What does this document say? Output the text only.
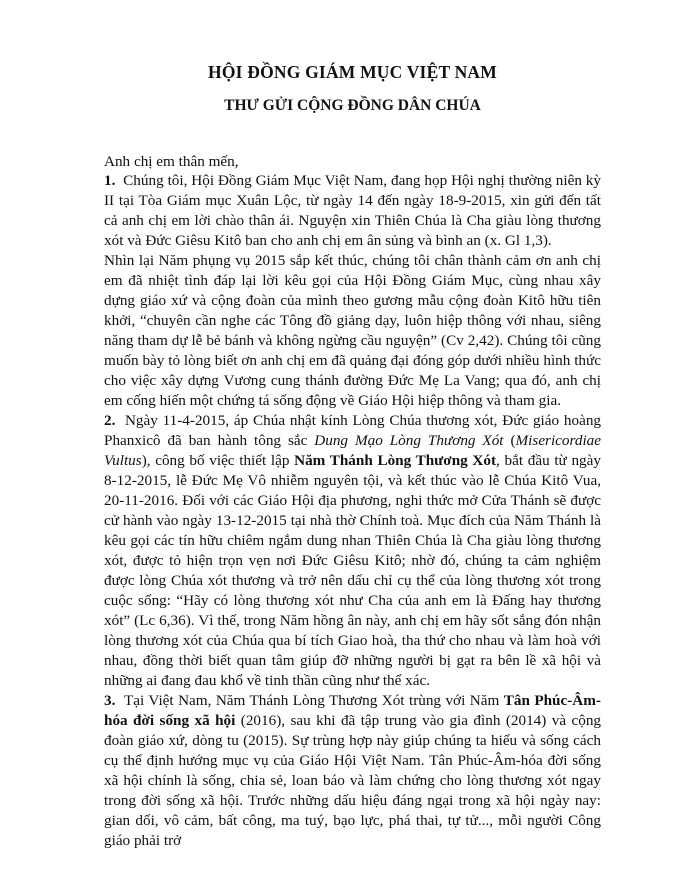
HỘI ĐỒNG GIÁM MỤC VIỆT NAM
THƯ GỬI CỘNG ĐỒNG DÂN CHÚA

Anh chị em thân mến,

1. Chúng tôi, Hội Đồng Giám Mục Việt Nam, đang họp Hội nghị thường niên kỳ II tại Tòa Giám mục Xuân Lộc, từ ngày 14 đến ngày 18-9-2015, xin gửi đến tất cả anh chị em lời chào thân ái. Nguyện xin Thiên Chúa là Cha giàu lòng thương xót và Đức Giêsu Kitô ban cho anh chị em ân sủng và bình an (x. Gl 1,3).

Nhìn lại Năm phụng vụ 2015 sắp kết thúc, chúng tôi chân thành cảm ơn anh chị em đã nhiệt tình đáp lại lời kêu gọi của Hội Đồng Giám Mục, cùng nhau xây dựng giáo xứ và cộng đoàn của mình theo gương mẫu cộng đoàn Kitô hữu tiên khởi, “chuyên cần nghe các Tông đồ giảng dạy, luôn hiệp thông với nhau, siêng năng tham dự lễ bẻ bánh và không ngừng cầu nguyện” (Cv 2,42). Chúng tôi cũng muốn bày tỏ lòng biết ơn anh chị em đã quảng đại đóng góp dưới nhiều hình thức cho việc xây dựng Vương cung thánh đường Đức Mẹ La Vang; qua đó, anh chị em cống hiến một chứng tá sống động về Giáo Hội hiệp thông và tham gia.

2. Ngày 11-4-2015, áp Chúa nhật kính Lòng Chúa thương xót, Đức giáo hoàng Phanxicô đã ban hành tông sắc Dung Mạo Lòng Thương Xót (Misericordiae Vultus), công bố việc thiết lập Năm Thánh Lòng Thương Xót, bắt đầu từ ngày 8-12-2015, lễ Đức Mẹ Vô nhiễm nguyên tội, và kết thúc vào lễ Chúa Kitô Vua, 20-11-2016. Đối với các Giáo Hội địa phương, nghi thức mở Cửa Thánh sẽ được cử hành vào ngày 13-12-2015 tại nhà thờ Chính toà. Mục đích của Năm Thánh là kêu gọi các tín hữu chiêm ngắm dung nhan Thiên Chúa là Cha giàu lòng thương xót, được tỏ hiện trọn vẹn nơi Đức Giêsu Kitô; nhờ đó, chúng ta cảm nghiệm được lòng Chúa xót thương và trở nên dấu chỉ cụ thể của lòng thương xót trong cuộc sống: “Hãy có lòng thương xót như Cha của anh em là Đấng hay thương xót” (Lc 6,36). Vì thế, trong Năm hồng ân này, anh chị em hãy sốt sắng đón nhận lòng thương xót của Chúa qua bí tích Giao hoà, tha thứ cho nhau và làm hoà với nhau, đồng thời biết quan tâm giúp đỡ những người bị gạt ra bên lề xã hội và những ai đang đau khổ về tinh thần cũng như thể xác.

3. Tại Việt Nam, Năm Thánh Lòng Thương Xót trùng với Năm Tân Phúc-Âm-hóa đời sống xã hội (2016), sau khi đã tập trung vào gia đình (2014) và cộng đoàn giáo xứ, dòng tu (2015). Sự trùng hợp này giúp chúng ta hiểu và sống cách cụ thể định hướng mục vụ của Giáo Hội Việt Nam. Tân Phúc-Âm-hóa đời sống xã hội chính là sống, chia sẻ, loan báo và làm chứng cho lòng thương xót ngay trong đời sống xã hội. Trước những dấu hiệu đáng ngại trong xã hội ngày nay: gian dối, vô cảm, bất công, ma tuý, bạo lực, phá thai, tự tử..., mỗi người Công giáo phải trở
